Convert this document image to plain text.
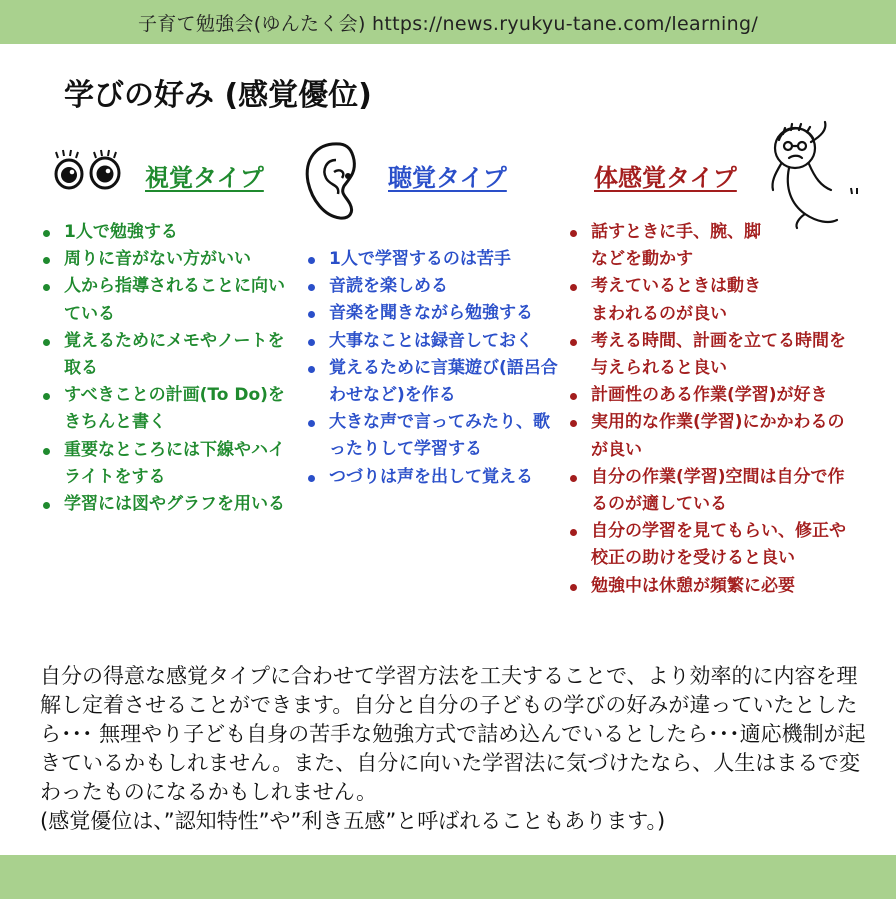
子育て勉強会(ゆんたく会) https://news.ryukyu-tane.com/learning/
学びの好み (感覚優位)
視覚タイプ
1人で勉強する
周りに音がない方がいい
人から指導されることに向いている
覚えるためにメモやノートを取る
すべきことの計画(To Do)をきちんと書く
重要なところには下線やハイライトをする
学習には図やグラフを用いる
聴覚タイプ
1人で学習するのは苦手
音読を楽しめる
音楽を聞きながら勉強する
大事なことは録音しておく
覚えるために言葉遊び(語呂合わせなど)を作る
大きな声で言ってみたり、歌ったりして学習する
つづりは声を出して覚える
体感覚タイプ
話すときに手、腕、脚などを動かす
考えているときは動きまわれるのが良い
考える時間、計画を立てる時間を与えられると良い
計画性のある作業(学習)が好き
実用的な作業(学習)にかかわるのが良い
自分の作業(学習)空間は自分で作るのが適している
自分の学習を見てもらい、修正や校正の助けを受けると良い
勉強中は休憩が頻繁に必要
自分の得意な感覚タイプに合わせて学習方法を工夫することで、より効率的に内容を理解し定着させることができます。自分と自分の子どもの学びの好みが違っていたとしたら･･･ 無理やり子ども自身の苦手な勉強方式で詰め込んでいるとしたら･･･適応機制が起きているかもしれません。また、自分に向いた学習法に気づけたなら、人生はまるで変わったものになるかもしれません。
(感覚優位は、”認知特性”や”利き五感”と呼ばれることもあります。)
